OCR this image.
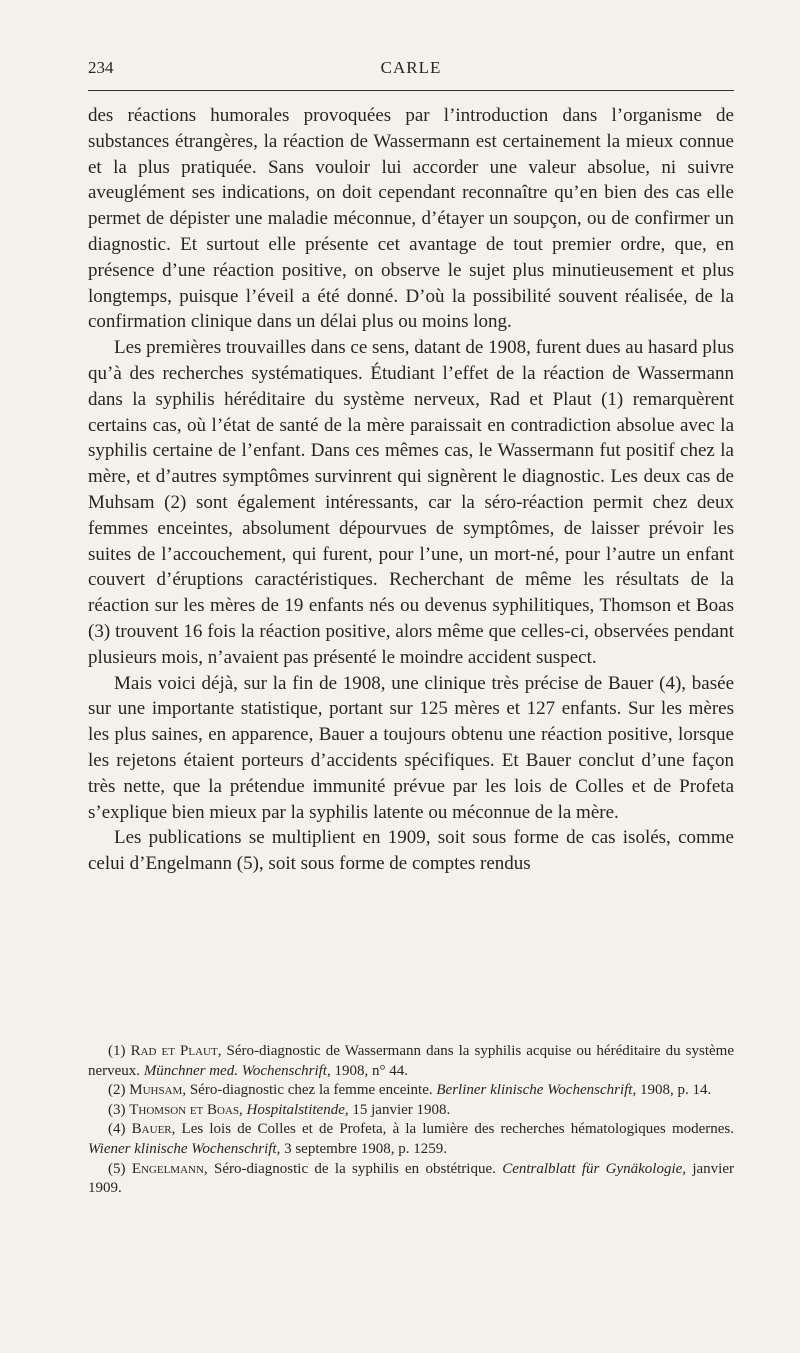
234	CARLE

des réactions humorales provoquées par l’introduction dans l’organisme de substances étrangères, la réaction de Wassermann est certainement la mieux connue et la plus pratiquée. Sans vouloir lui accorder une valeur absolue, ni suivre aveuglément ses indications, on doit cependant reconnaître qu’en bien des cas elle permet de dépister une maladie méconnue, d’étayer un soupçon, ou de confirmer un diagnostic. Et surtout elle présente cet avantage de tout premier ordre, que, en présence d’une réaction positive, on observe le sujet plus minutieusement et plus longtemps, puisque l’éveil a été donné. D’où la possibilité souvent réalisée, de la confirmation clinique dans un délai plus ou moins long.

Les premières trouvailles dans ce sens, datant de 1908, furent dues au hasard plus qu’à des recherches systématiques. Étudiant l’effet de la réaction de Wassermann dans la syphilis héréditaire du système nerveux, Rad et Plaut (1) remarquèrent certains cas, où l’état de santé de la mère paraissait en contradiction absolue avec la syphilis certaine de l’enfant. Dans ces mêmes cas, le Wassermann fut positif chez la mère, et d’autres symptômes survinrent qui signèrent le diagnostic. Les deux cas de Muhsam (2) sont également intéressants, car la séro-réaction permit chez deux femmes enceintes, absolument dépourvues de symptômes, de laisser prévoir les suites de l’accouchement, qui furent, pour l’une, un mort-né, pour l’autre un enfant couvert d’éruptions caractéristiques. Recherchant de même les résultats de la réaction sur les mères de 19 enfants nés ou devenus syphilitiques, Thomson et Boas (3) trouvent 16 fois la réaction positive, alors même que celles-ci, observées pendant plusieurs mois, n’avaient pas présenté le moindre accident suspect.

Mais voici déjà, sur la fin de 1908, une clinique très précise de Bauer (4), basée sur une importante statistique, portant sur 125 mères et 127 enfants. Sur les mères les plus saines, en apparence, Bauer a toujours obtenu une réaction positive, lorsque les rejetons étaient porteurs d’accidents spécifiques. Et Bauer conclut d’une façon très nette, que la prétendue immunité prévue par les lois de Colles et de Profeta s’explique bien mieux par la syphilis latente ou méconnue de la mère.

Les publications se multiplient en 1909, soit sous forme de cas isolés, comme celui d’Engelmann (5), soit sous forme de comptes rendus

(1) Rad et Plaut, Séro-diagnostic de Wassermann dans la syphilis acquise ou héréditaire du système nerveux. Münchner med. Wochenschrift, 1908, n° 44.

(2) Muhsam, Séro-diagnostic chez la femme enceinte. Berliner klinische Wochenschrift, 1908, p. 14.

(3) Thomson et Boas, Hospitalstitende, 15 janvier 1908.

(4) Bauer, Les lois de Colles et de Profeta, à la lumière des recherches hématologiques modernes. Wiener klinische Wochenschrift, 3 septembre 1908, p. 1259.

(5) Engelmann, Séro-diagnostic de la syphilis en obstétrique. Centralblatt für Gynäkologie, janvier 1909.
